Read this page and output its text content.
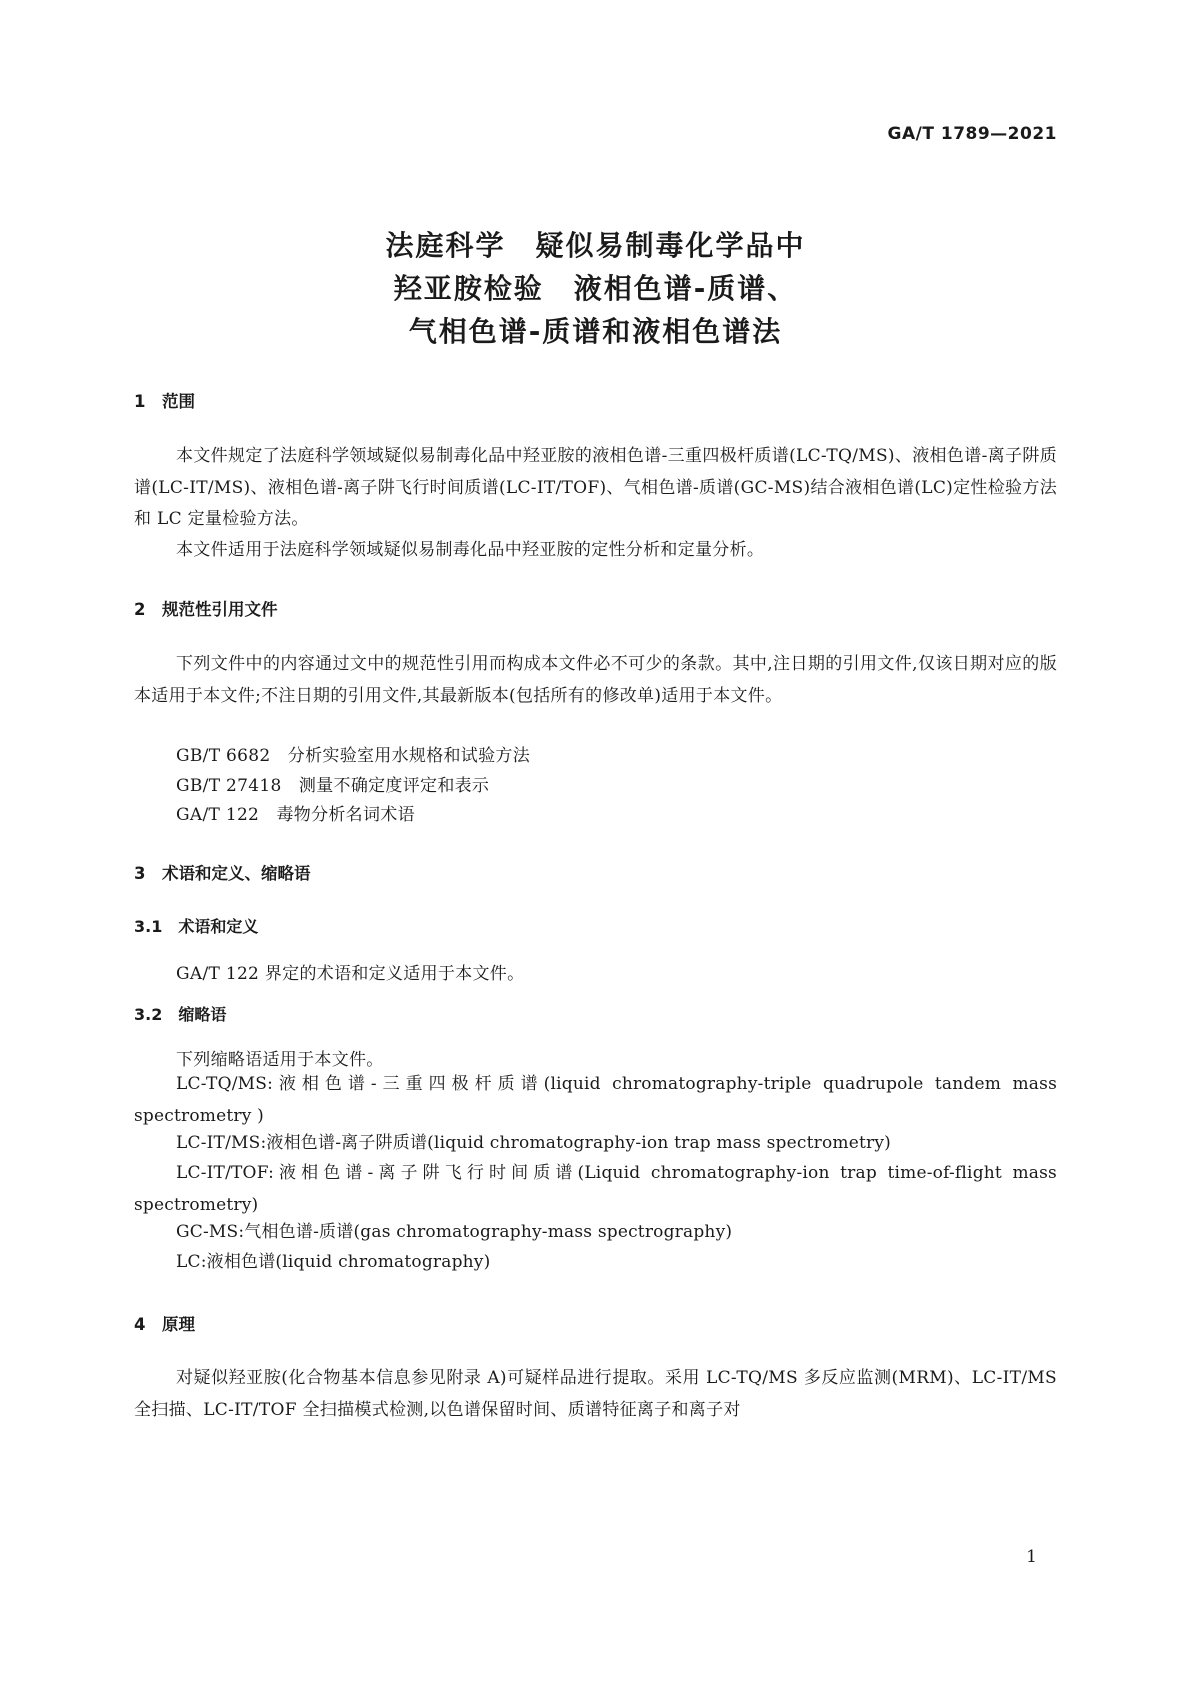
GA/T 1789—2021
法庭科学　疑似易制毒化学品中
羟亚胺检验　液相色谱-质谱、
气相色谱-质谱和液相色谱法
1　范围
本文件规定了法庭科学领域疑似易制毒化品中羟亚胺的液相色谱-三重四极杆质谱(LC-TQ/MS)、液相色谱-离子阱质谱(LC-IT/MS)、液相色谱-离子阱飞行时间质谱(LC-IT/TOF)、气相色谱-质谱(GC-MS)结合液相色谱(LC)定性检验方法和 LC 定量检验方法。
本文件适用于法庭科学领域疑似易制毒化品中羟亚胺的定性分析和定量分析。
2　规范性引用文件
下列文件中的内容通过文中的规范性引用而构成本文件必不可少的条款。其中,注日期的引用文件,仅该日期对应的版本适用于本文件;不注日期的引用文件,其最新版本(包括所有的修改单)适用于本文件。
GB/T 6682　分析实验室用水规格和试验方法
GB/T 27418　测量不确定度评定和表示
GA/T 122　毒物分析名词术语
3　术语和定义、缩略语
3.1　术语和定义
GA/T 122 界定的术语和定义适用于本文件。
3.2　缩略语
下列缩略语适用于本文件。
LC-TQ/MS:液相色谱-三重四极杆质谱(liquid chromatography-triple quadrupole tandem mass spectrometry )
LC-IT/MS:液相色谱-离子阱质谱(liquid chromatography-ion trap mass spectrometry)
LC-IT/TOF:液相色谱-离子阱飞行时间质谱(Liquid chromatography-ion trap time-of-flight mass spectrometry)
GC-MS:气相色谱-质谱(gas chromatography-mass spectrography)
LC:液相色谱(liquid chromatography)
4　原理
对疑似羟亚胺(化合物基本信息参见附录 A)可疑样品进行提取。采用 LC-TQ/MS 多反应监测(MRM)、LC-IT/MS 全扫描、LC-IT/TOF 全扫描模式检测,以色谱保留时间、质谱特征离子和离子对
1
